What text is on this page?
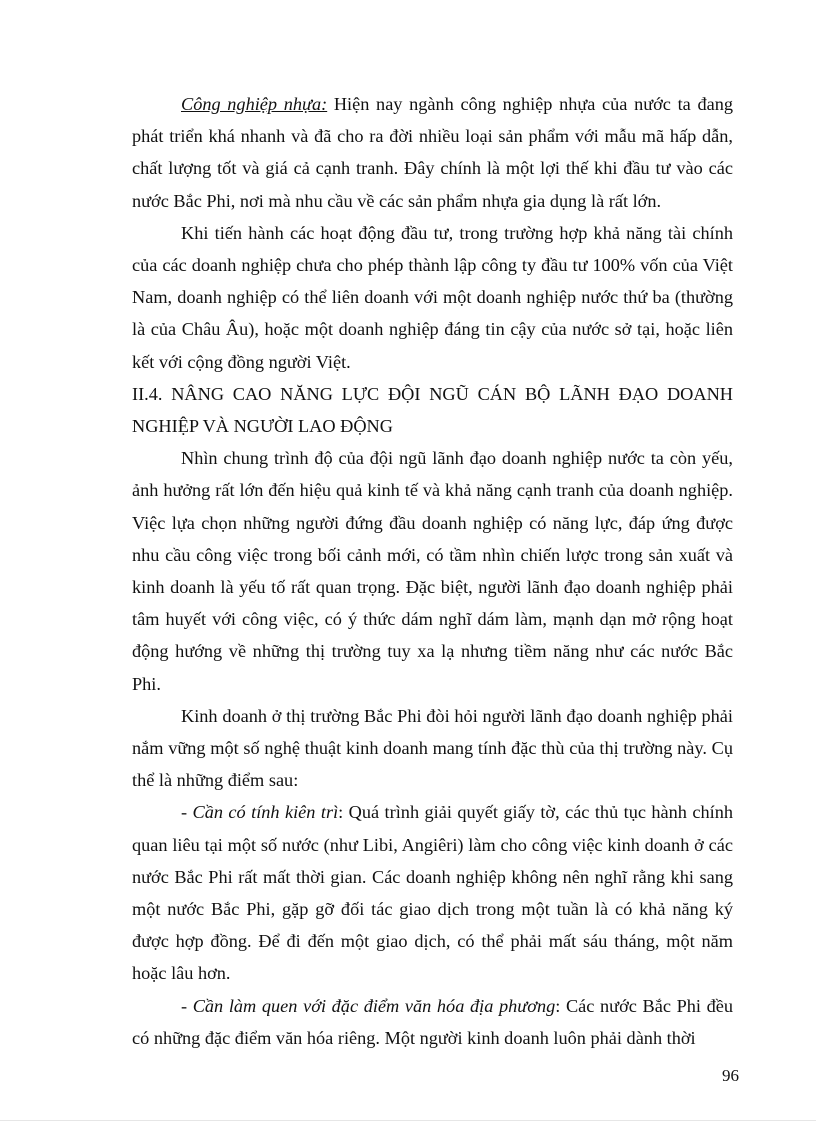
Công nghiệp nhựa: Hiện nay ngành công nghiệp nhựa của nước ta đang phát triển khá nhanh và đã cho ra đời nhiều loại sản phẩm với mẫu mã hấp dẫn, chất lượng tốt và giá cả cạnh tranh. Đây chính là một lợi thế khi đầu tư vào các nước Bắc Phi, nơi mà nhu cầu về các sản phẩm nhựa gia dụng là rất lớn.

Khi tiến hành các hoạt động đầu tư, trong trường hợp khả năng tài chính của các doanh nghiệp chưa cho phép thành lập công ty đầu tư 100% vốn của Việt Nam, doanh nghiệp có thể liên doanh với một doanh nghiệp nước thứ ba (thường là của Châu Âu), hoặc một doanh nghiệp đáng tin cậy của nước sở tại, hoặc liên kết với cộng đồng người Việt.

II.4. NÂNG CAO NĂNG LỰC ĐỘI NGŨ CÁN BỘ LÃNH ĐẠO DOANH NGHIỆP VÀ NGƯỜI LAO ĐỘNG

Nhìn chung trình độ của đội ngũ lãnh đạo doanh nghiệp nước ta còn yếu, ảnh hưởng rất lớn đến hiệu quả kinh tế và khả năng cạnh tranh của doanh nghiệp. Việc lựa chọn những người đứng đầu doanh nghiệp có năng lực, đáp ứng được nhu cầu công việc trong bối cảnh mới, có tầm nhìn chiến lược trong sản xuất và kinh doanh là yếu tố rất quan trọng. Đặc biệt, người lãnh đạo doanh nghiệp phải tâm huyết với công việc, có ý thức dám nghĩ dám làm, mạnh dạn mở rộng hoạt động hướng về những thị trường tuy xa lạ nhưng tiềm năng như các nước Bắc Phi.

Kinh doanh ở thị trường Bắc Phi đòi hỏi người lãnh đạo doanh nghiệp phải nắm vững một số nghệ thuật kinh doanh mang tính đặc thù của thị trường này. Cụ thể là những điểm sau:

- Cần có tính kiên trì: Quá trình giải quyết giấy tờ, các thủ tục hành chính quan liêu tại một số nước (như Libi, Angiêri) làm cho công việc kinh doanh ở các nước Bắc Phi rất mất thời gian. Các doanh nghiệp không nên nghĩ rằng khi sang một nước Bắc Phi, gặp gỡ đối tác giao dịch trong một tuần là có khả năng ký được hợp đồng. Để đi đến một giao dịch, có thể phải mất sáu tháng, một năm hoặc lâu hơn.

- Cần làm quen với đặc điểm văn hóa địa phương: Các nước Bắc Phi đều có những đặc điểm văn hóa riêng. Một người kinh doanh luôn phải dành thời

96
